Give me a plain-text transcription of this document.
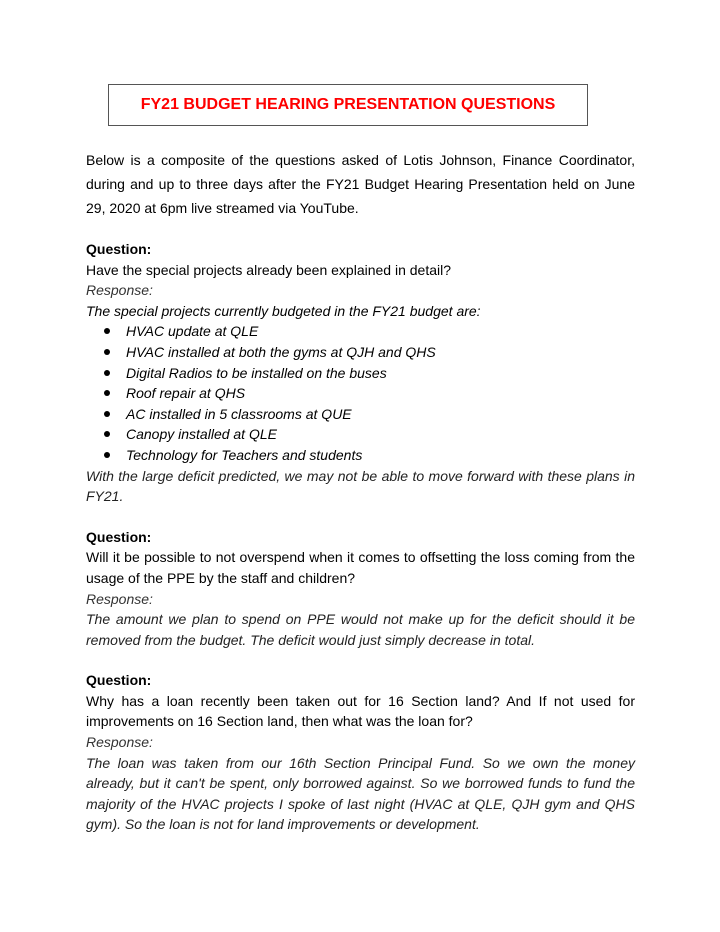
FY21 BUDGET HEARING PRESENTATION QUESTIONS

Below is a composite of the questions asked of Lotis Johnson, Finance Coordinator, during and up to three days after the FY21 Budget Hearing Presentation held on June 29, 2020 at 6pm live streamed via YouTube.

Question:
Have the special projects already been explained in detail?
Response:
The special projects currently budgeted in the FY21 budget are:
HVAC update at QLE
HVAC installed at both the gyms at QJH and QHS
Digital Radios to be installed on the buses
Roof repair at QHS
AC installed in 5 classrooms at QUE
Canopy installed at QLE
Technology for Teachers and students
With the large deficit predicted, we may not be able to move forward with these plans in FY21.
Question:
Will it be possible to not overspend when it comes to offsetting the loss coming from the usage of the PPE by the staff and children?
Response:
The amount we plan to spend on PPE would not make up for the deficit should it be removed from the budget. The deficit would just simply decrease in total.
Question:
Why has a loan recently been taken out for 16 Section land? And If not used for improvements on 16 Section land, then what was the loan for?
Response:
The loan was taken from our 16th Section Principal Fund. So we own the money already, but it can't be spent, only borrowed against. So we borrowed funds to fund the majority of the HVAC projects I spoke of last night (HVAC at QLE, QJH gym and QHS gym). So the loan is not for land improvements or development.
